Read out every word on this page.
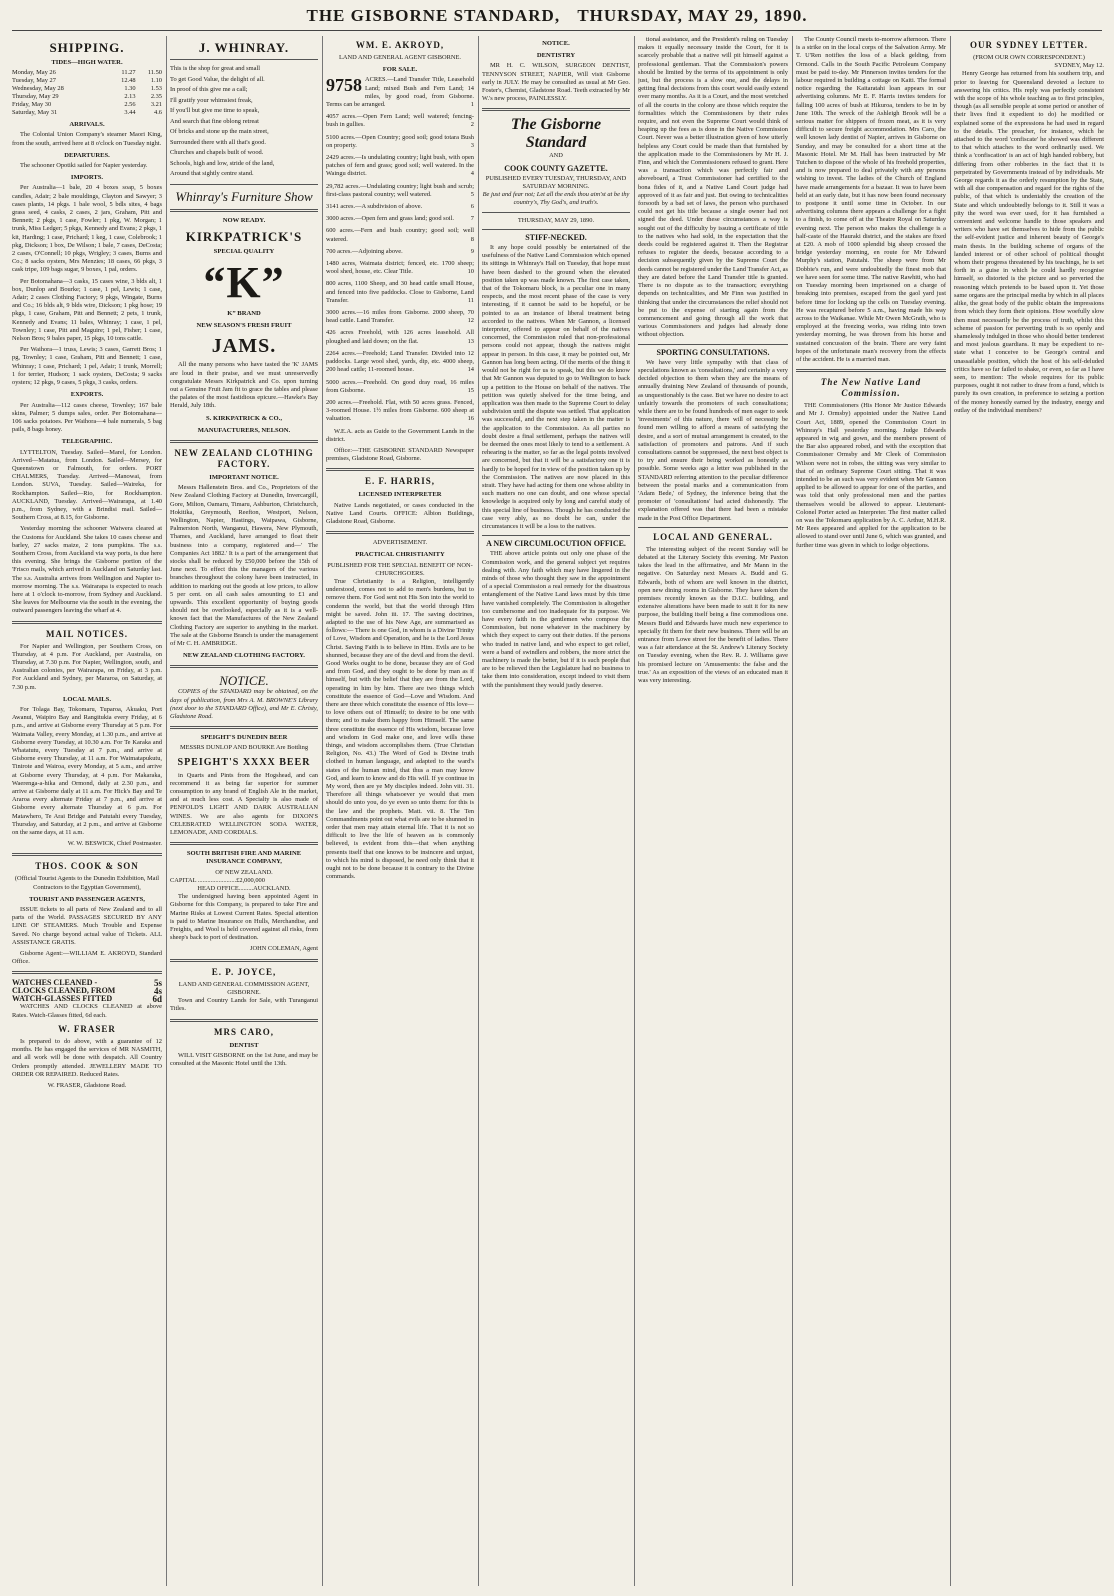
THE GISBORNE STANDARD, THURSDAY, MAY 29, 1890.
SHIPPING.
TIDES—HIGH WATER.
Monday, May 26	11.27	11.50
Tuesday, May 27	12.48	1.10
Wednesday, May 28	1.30	1.53
Thursday, May 29	2.13	2.35
Friday, May 30	2.56	3.21
Saturday, May 31	3.44	4.6
ARRIVALS.
The Colonial Union Company's steamer Maori King, from the south, arrived here at 8 o'clock on Tuesday night.
DEPARTURES.
The schooner Opotiki sailed for Napier yesterday.
IMPORTS.
Per Australia—1 bale, 20 4 boxes soap, 5 boxes candles, Adair; 2 bale mouldings, Clayton and Sawyer; 3 cases plants, 14 pkgs. 1 bale wool, 5 bdls sites, 4 bags grass seed, 4 casks, 2 cases, 2 jars, Graham, Pitt and Bennett; 2 pkgs, 1 case, Fowler; 1 pkg, W. Morgan; 1 trunk, Miss Ledger; 5 pkgs, Kennedy and Evans; 2 pkgs, 1 kit, Harding; 1 case, Prichard; 1 keg, 1 case, Colebrook; 1 pkg, Dickson; 1 box, De Wilson; 1 bale, 7 cases, DeCosta; 2 cases, O'Connell; 10 pkgs, Wrigley; 3 cases, Burns and Co.; 8 sacks oysters, Mrs Menzies; 18 cases, 66 pkgs, 3 cask tripe, 109 bags sugar, 9 boxes, 1 pal, orders.
Per Botomahana—3 casks, 15 cases wine, 3 blds alt, 1 box, Dunlop and Bourke; 1 case, 1 pel, Lewis; 1 case, Adair; 2 cases Clothing Factory; 9 pkgs, Wingate, Burns and Co.; 16 blds alt, 9 blds wire, Dickson; 1 pkg hose; 19 pkgs, 1 case, Graham, Pitt and Bennett; 2 pets, 1 trunk, Kennedy and Evans; 11 bales, Whinray; 1 case, 1 pel, Townley; 1 case, Pitt and Maguire; 1 pel, Fisher; 1 case, Nelson Bros; 9 bales paper, 15 pkgs, 10 tons cattle.
Per Waihora—1 truss, Lewis; 3 cases, Garrett Bros; 1 pg, Townley; 1 case, Graham, Pitt and Bennett; 1 case, Whinray; 1 case, Prichard; 1 pel, Adair; 1 trunk, Morrell; 1 for terrier, Hudson; 1 sack oysters, DeCosta; 9 sacks oysters; 12 pkgs, 9 cases, 5 pkgs, 3 casks, orders.
EXPORTS.
Per Australia—112 cases cheese, Townley; 167 bale skins, Palmer; 5 dumps sales, order. Per Botomahana—106 sacks potatoes. Per Waihora—4 bale numerals, 5 bag pails, 8 bags honey.
TELEGRAPHIC.
LYTTELTON, Tuesday. Sailed—Marel, for London. Arrived—Matatua, from London. Sailed—Mersey, for Queenstown or Falmouth, for orders. PORT CHALMERS, Tuesday. Arrived—Manowai, from London. SUVA, Tuesday. Sailed—Waireka, for Rockhampton. Sailed—Rio, for Rockhampton. AUCKLAND, Tuesday. Arrived—Wairarapa, at 1.40 p.m., from Sydney, with a Brindisi mail. Sailed—Southern Cross, at 8.15, for Gisborne.
Yesterday morning the schooner Waiwera cleared at the Customs for Auckland. She takes 10 cases cheese and barley, 27 sacks maize, 2 tons pumpkins. The s.s. Southern Cross, from Auckland via way ports, is due here this evening. She brings the Gisborne portion of the 'Frisco mails, which arrived in Auckland on Saturday last. The s.s. Australia arrives from Wellington and Napier to-morrow morning. The s.s. Wairarapa is expected to reach here at 1 o'clock to-morrow, from Sydney and Auckland. She leaves for Melbourne via the south in the evening, the outward passengers leaving the wharf at 4.
MAIL NOTICES.
For Napier and Wellington, per Southern Cross, on Thursday, at 4 p.m. For Auckland, per Australia, on Thursday, at 7.30 p.m. For Napier, Wellington, south, and Australian colonies, per Wairarapa, on Friday, at 3 p.m. For Auckland and Sydney, per Mararoa, on Saturday, at 7.30 p.m.
LOCAL MAILS.
For Tolaga Bay, Tokomaru, Tuparoa, Akuaku, Port Awanui, Waipiro Bay and Rangitukia every Friday, at 6 p.m., and arrive at Gisborne every Thursday at 5 p.m. For Waimata Valley, every Monday, at 1.30 p.m., and arrive at Gisborne every Tuesday, at 10.30 a.m. For Te Karaka and Whatatutu, every Tuesday at 7 p.m., and arrive at Gisborne every Thursday, at 11 a.m. For Waimatapukutu, Tinirote and Wairoa, every Monday, at 5 a.m., and arrive at Gisborne every Thursday, at 4 p.m. For Makaraka, Waerenga-a-hika and Ormond, daily at 2.30 p.m., and arrive at Gisborne daily at 11 a.m. For Hick's Bay and Te Araroa every alternate Friday at 7 p.m., and arrive at Gisborne every alternate Thursday at 6 p.m. For Matawhero, Te Arai Bridge and Patutahi every Tuesday, Thursday, and Saturday, at 2 p.m., and arrive at Gisborne on the same days, at 11 a.m.
W. W. BESWICK, Chief Postmaster.
THOS. COOK & SON
(Official Tourist Agents to the Dunedin Exhibition, Mail Contractors to the Egyptian Government),
TOURIST AND PASSENGER AGENTS,
ISSUE tickets to all parts of New Zealand and to all parts of the World. PASSAGES SECURED BY ANY LINE OF STEAMERS. Much Trouble and Expense Saved. No charge beyond actual value of Tickets. ALL ASSISTANCE GRATIS.
Gisborne Agent:—WILLIAM E. AKROYD, Standard Office.
WATCHES CLEANED -	5s
CLOCKS CLEANED, FROM	4s
WATCH-GLASSES FITTED	6d
WATCHES AND CLOCKS CLEANED at above Rates. Watch-Glasses fitted, 6d each.
W. FRASER
Is prepared to do above, with a guarantee of 12 months. He has engaged the services of MR NASMITH, and all work will be done with despatch. All Country Orders promptly attended. JEWELLERY MADE TO ORDER OR REPAIRED. Reduced Rates.
W. FRASER, Gladstone Road.
J. WHINRAY.
This is the shop for great and small
To get Good Value, the delight of all.
In proof of this give me a call;
I'll gratify your whimsiest freak,
If you'll but give me time to speak,
And search that fine oblong retreat
Of bricks and stone up the main street,
Surrounded there with all that's good.
Churches and chapels built of wood.
Schools, high and low, stride of the land,
Around that sightly centre stand.
Whinray's Furniture Show
NOW READY.
KIRKPATRICK'S
SPECIAL QUALITY
“K”
K” BRAND
NEW SEASON'S FRESH FRUIT
JAMS.
All the many persons who have tasted the 'K' JAMS are loud in their praise, and we must unreservedly congratulate Messrs Kirkpatrick and Co. upon turning out a Genuine Fruit Jam fit to grace the tables and please the palates of the most fastidious epicure.—Hawke's Bay Herald, July 18th.
S. KIRKPATRICK & CO.,
MANUFACTURERS, NELSON.
NEW ZEALAND CLOTHING FACTORY.
IMPORTANT NOTICE.
Messrs Hallenstein Bros. and Co., Proprietors of the New Zealand Clothing Factory at Dunedin, Invercargill, Gore, Milton, Oamaru, Timaru, Ashburton, Christchurch, Hokitika, Greymouth, Reefton, Westport, Nelson, Wellington, Napier, Hastings, Waipawa, Gisborne, Palmerston North, Wanganui, Hawera, New Plymouth, Thames, and Auckland, have arranged to float their business into a company, registered and—' The Companies Act 1882.' It is a part of the arrangement that stocks shall be reduced by £50,000 before the 15th of June next. To effect this the managers of the various branches throughout the colony have been instructed, in addition to marking out the goods at low prices, to allow 5 per cent. on all cash sales amounting to £1 and upwards. This excellent opportunity of buying goods should not be overlooked, especially as it is a well-known fact that the Manufactures of the New Zealand Clothing Factory are superior to anything in the market. The sale at the Gisborne Branch is under the management of Mr C. H. AMBRIDGE.
NEW ZEALAND CLOTHING FACTORY.
NOTICE.
COPIES of the STANDARD may be obtained, on the days of publication, from Mrs A. M. BROWNE'S Library (next door to the STANDARD Office), and Mr E. Christy, Gladstone Road.
SPEIGHT'S DUNEDIN BEER
MESSRS DUNLOP AND BOURKE Are Bottling
SPEIGHT'S XXXX BEER
in Quarts and Pints from the Hogshead, and can recommend it as being far superior for summer consumption to any brand of English Ale in the market, and at much less cost. A Specialty is also made of PENFOLD'S LIGHT AND DARK AUSTRALIAN WINES. We are also agents for DIXON'S CELEBRATED WELLINGTON SODA WATER, LEMONADE, AND CORDIALS.
SOUTH BRITISH FIRE AND MARINE INSURANCE COMPANY,
OF NEW ZEALAND.
CAPITAL ........................£2,000,000
HEAD OFFICE.........AUCKLAND.
The undersigned having been appointed Agent in Gisborne for this Company, is prepared to take Fire and Marine Risks at Lowest Current Rates. Special attention is paid to Marine Insurance on Hulls, Merchandise, and Freights, and Wool is held covered against all risks, from sheep's back to port of destination.
JOHN COLEMAN, Agent
E. P. JOYCE,
LAND AND GENERAL COMMISSION AGENT, GISBORNE.
Town and Country Lands for Sale, with Turanganui Titles.
MRS CARO,
DENTIST
WILL VISIT GISBORNE on the 1st June, and may be consulted at the Masonic Hotel until the 13th.
WM. E. AKROYD,
LAND AND GENERAL AGENT GISBORNE.
FOR SALE.
9758 ACRES.—Land Transfer Title, Leasehold Land; mixed Bush and Fern Land; 14 miles, by good road, from Gisborne. Terms can be arranged.	1
4057 acres.—Open Fern Land; well watered; fencing-bush in gullies.	2
5100 acres.—Open Country; good soil; good totara Bush on property.	3
2429 acres.—Is undulating country; light bush, with open patches of fern and grass; good soil; well watered. In the Waingu district.	4
29,782 acres.—Undulating country; light bush and scrub; first-class pastoral country; well watered.	5
3141 acres.—A subdivision of above.	6
3000 acres.—Open fern and grass land; good soil.	7
600 acres.—Fern and bush country; good soil; well watered.	8
700 acres.—Adjoining above.	9
1480 acres, Waimata district; fenced, etc. 1700 sheep; wool shed, house, etc. Clear Title.	10
800 acres, 1100 Sheep, and 30 head cattle small House, and fenced into five paddocks. Close to Gisborne, Land Transfer.	11
3000 acres.—16 miles from Gisborne. 2000 sheep, 70 head cattle. Land Transfer.	12
426 acres Freehold, with 126 acres leasehold. All ploughed and laid down; on the flat.	13
2264 acres.—Freehold; Land Transfer. Divided into 12 paddocks. Large wool shed, yards, dip, etc. 4000 sheep, 200 head cattle; 11-roomed house.	14
5000 acres.—Freehold. On good dray road, 16 miles from Gisborne.	15
200 acres.—Freehold. Flat, with 50 acres grass. Fenced, 3-roomed House. 1½ miles from Gisborne. 600 sheep at valuation.	16
W.E.A. acts as Guide to the Government Lands in the district.
Office:—THE GISBORNE STANDARD Newspaper premises, Gladstone Road, Gisborne.
E. F. HARRIS,
LICENSED INTERPRETER
Native Lands negotiated, or cases conducted in the Native Land Courts. OFFICE: Albion Buildings, Gladstone Road, Gisborne.
ADVERTISEMENT.
PRACTICAL CHRISTIANITY
PUBLISHED FOR THE SPECIAL BENEFIT OF NON-CHURCHGOERS.
True Christianity is a Religion, intelligently understood, comes not to add to men's burdens, but to remove them. For God sent not His Son into the world to condemn the world, but that the world through Him might be saved. John iii. 17. The saving doctrines, adapted to the use of his New Age, are summarised as follows:— There is one God, in whom is a Divine Trinity of Love, Wisdom and Operation, and he is the Lord Jesus Christ. Saving Faith is to believe in Him. Evils are to be shunned, because they are of the devil and from the devil. Good Works ought to be done, because they are of God and from God, and they ought to be done by man as if himself, but with the belief that they are from the Lord, operating in him by him. There are two things which constitute the essence of God—Love and Wisdom. And there are three which constitute the essence of His love—to love others out of Himself; to desire to be one with them; and to make them happy from Himself. The same three constitute the essence of His wisdom, because love and wisdom in God make one, and love wills these things, and wisdom accomplishes them. (True Christian Religion, No. 43.) The Word of God is Divine truth clothed in human language, and adapted to the ward's states of the human mind, that thus a man may know God, and learn to know and do His will. If ye continue in My word, then are ye My disciples indeed. John viii. 31. Therefore all things whatsoever ye would that men should do unto you, do ye even so unto them: for this is the law and the prophets. Matt. vii. 8. The Ten Commandments point out what evils are to be shunned in order that men may attain eternal life. That it is not so difficult to live the life of heaven as is commonly believed, is evident from this—that when anything presents itself that one knows to be insincere and unjust, to which his mind is disposed, he need only think that it ought not to be done because it is contrary to the Divine commands.
NOTICE.
DENTISTRY
MR H. C. WILSON, SURGEON DENTIST, TENNYSON STREET, NAPIER, Will visit Gisborne early in JULY. He may be consulted as usual at Mr Geo. Foster's, Chemist, Gladstone Road. Teeth extracted by Mr W.'s new process, PAINLESSLY.
The Gisborne Standard
AND
COOK COUNTY GAZETTE.
PUBLISHED EVERY TUESDAY, THURSDAY, AND SATURDAY MORNING.
Be just and fear not; Let all the ends thou aim'st at be thy country's, Thy God's, and truth's.
THURSDAY, MAY 29, 1890.
STIFF-NECKED.
It any hope could possibly be entertained of the usefulness of the Native Land Commission which opened its sittings in Whinray's Hall on Tuesday, that hope must have been dashed to the ground when the elevated position taken up was made known. The first case taken, that of the Tokomaru block, is a peculiar one in many respects, and the most recent phase of the case is very interesting, if it cannot be said to be hopeful, or be pointed to as an instance of liberal treatment being accorded to the natives. When Mr Gannon, a licensed interpreter, offered to appear on behalf of the natives concerned, the Commission ruled that non-professional persons could not appear, though the natives might appear in person. In this case, it may be pointed out, Mr Gannon has long been acting. Of the merits of the thing it would not be right for us to speak, but this we do know that Mr Gannon was deputed to go to Wellington to back up a petition to the House on behalf of the natives. The petition was quietly shelved for the time being, and application was then made to the Supreme Court to delay subdivision until the dispute was settled. That application was successful, and the next step taken in the matter is the application to the Commission. As all parties no doubt desire a final settlement, perhaps the natives will be deemed the ones most likely to tend to a settlement. A rehearing is the matter, so far as the legal points involved are concerned, but that it will be a satisfactory one it is hardly to be hoped for in view of the position taken up by the Commission. The natives are now placed in this strait. They have had acting for them one whose ability in such matters no one can doubt, and one whose special knowledge is acquired only by long and careful study of this special line of business. Though he has conducted the case very ably, as no doubt he can, under the circumstances it will be a loss to the natives.
A NEW CIRCUMLOCUTION OFFICE.
THE above article points out only one phase of the Commission work, and the general subject yet requires dealing with. Any faith which may have lingered in the minds of those who thought they saw in the appointment of a special Commission a real remedy for the disastrous entanglement of the Native Land laws must by this time have vanished completely. The Commission is altogether too cumbersome and too inadequate for its purpose. We have every faith in the gentlemen who compose the Commission, but none whatever in the machinery by which they expect to carry out their duties. If the persons who traded in native land, and who expect to get relief, were a band of swindlers and robbers, the more strict the machinery is made the better, but if it is such people that are to be relieved then the Legislature had no business to take them into consideration, except indeed to visit them with the punishment they would justly deserve.
tional assistance, and the President's ruling on Tuesday makes it equally necessary inside the Court, for it is scarcely probable that a native will pit himself against a professional gentleman. That the Commission's powers should be limited by the terms of its appointment is only just, but the process is a slow one, and the delays in getting final decisions from this court would easily extend over many months. As it is a Court, and the most wretched of all the courts in the colony are those which require the formalities which the Commissioners by their rules require, and not even the Supreme Court would think of heaping up the fees as is done in the Native Commission Court. Never was a better illustration given of how utterly helpless any Court could be made than that furnished by the application made to the Commissioners by Mr H. J. Finn, and which the Commissioners refused to grant. Here was a transaction which was perfectly fair and aboveboard, a Trust Commissioner had certified to the bona fides of it, and a Native Land Court judge had approved of it as fair and just. But owing to technicalities forsooth by a bad set of laws, the person who purchased could not get his title because a single owner had not signed the deed. Under these circumstances a way is sought out of the difficulty by issuing a certificate of title to the natives who had sold, in the expectation that the deeds could be registered against it. Then the Registrar refuses to register the deeds, because according to a decision subsequently given by the Supreme Court the deeds cannot be registered under the Land Transfer Act, as they are dated before the Land Transfer title is granted. There is no dispute as to the transaction; everything depends on technicalities, and Mr Finn was justified in thinking that under the circumstances the relief should not be put to the expense of starting again from the commencement and going through all the work that various Commissioners and judges had already done without objection.
SPORTING CONSULTATIONS.
We have very little sympathy with that class of speculations known as 'consultations,' and certainly a very decided objection to them when they are the means of annually draining New Zealand of thousands of pounds, as unquestionably is the case. But we have no desire to act unfairly towards the promoters of such consultations; while there are to be found hundreds of men eager to seek 'investments' of this nature, there will of necessity be found men willing to afford a means of satisfying the desire, and a sort of mutual arrangement is created, to the satisfaction of promoters and patrons. And if such consultations cannot be suppressed, the next best object is to try and ensure their being worked as honestly as possible. Some weeks ago a letter was published in the STANDARD referring attention to the peculiar difference between the postal marks and a communication from 'Adam Bede,' of Sydney, the inference being that the promoter of 'consultations' had acted dishonestly. The explanation offered was that there had been a mistake made in the Post Office Department.
LOCAL AND GENERAL.
The interesting subject of the recent Sunday will be debated at the Literary Society this evening. Mr Paxton takes the lead in the affirmative, and Mr Mann in the negative. On Saturday next Messrs A. Budd and G. Edwards, both of whom are well known in the district, open new dining rooms in Gisborne. They have taken the premises recently known as the D.I.C. building, and extensive alterations have been made to suit it for its new purpose, the building itself being a fine commodious one. Messrs Budd and Edwards have much new experience to specially fit them for their new business. There will be an entrance from Lowe street for the benefit of ladies. There was a fair attendance at the St. Andrew's Literary Society on Tuesday evening, when the Rev. R. J. Williams gave his promised lecture on 'Amusements: the false and the true.' As an exposition of the views of an educated man it was very interesting.
The County Council meets to-morrow afternoon. There is a strike on in the local corps of the Salvation Army. Mr T. U'Ren notifies the loss of a black gelding, from Ormond. Calls in the South Pacific Petroleum Company must be paid to-day. Mr Pinnerson invites tenders for the labour required in building a cottage on Kaiti. The formal notice regarding the Kaitaratahi loan appears in our advertising columns. Mr E. F. Harris invites tenders for falling 100 acres of bush at Hikuroa, tenders to be in by June 10th. The wreck of the Ashleigh Brook will be a serious matter for shippers of frozen meat, as it is very difficult to secure freight accommodation. Mrs Caro, the well known lady dentist of Napier, arrives in Gisborne on Sunday, and may be consulted for a short time at the Masonic Hotel. Mr M. Hall has been instructed by Mr Tutchen to dispose of the whole of his freehold properties, and is now prepared to deal privately with any persons wishing to invest. The ladies of the Church of England have made arrangements for a bazaar. It was to have been held at an early date, but it has now been found necessary to postpone it until some time in October. In our advertising columns there appears a challenge for a fight to a finish, to come off at the Theatre Royal on Saturday evening next. The person who makes the challenge is a half-caste of the Hauraki district, and the stakes are fixed at £20. A mob of 1000 splendid big sheep crossed the bridge yesterday morning, en route for Mr Edward Murphy's station, Patutahi. The sheep were from Mr Dobbie's run, and were undoubtedly the finest mob that we have seen for some time. The native Rawhiti, who had on Tuesday morning been imprisoned on a charge of breaking into premises, escaped from the gaol yard just before time for locking up the cells on Tuesday evening. He was recaptured before 5 a.m., having made his way across to the Waikanae. While Mr Owen McGrath, who is employed at the freezing works, was riding into town yesterday morning, he was thrown from his horse and sustained concussion of the brain. There are very faint hopes of the unfortunate man's recovery from the effects of the accident. He is a married man.
The New Native Land Commission.
THE Commissioners (His Honor Mr Justice Edwards and Mr J. Ormsby) appointed under the Native Land Court Act, 1889, opened the Commission Court in Whinray's Hall yesterday morning. Judge Edwards appeared in wig and gown, and the members present of the Bar also appeared robed, and with the exception that Commissioner Ormsby and Mr Cleek of Commission Wilson were not in robes, the sitting was very similar to that of an ordinary Supreme Court sitting. That it was intended to be an such was very evident when Mr Gannon applied to be allowed to appear for one of the parties, and was told that only professional men and the parties themselves would be allowed to appear. Lieutenant-Colonel Porter acted as Interpreter. The first matter called on was the Tokomaru application by A. C. Arthur, M.H.R. Mr Rees appeared and applied for the application to be allowed to stand over until June 6, which was granted, and further time was given in which to lodge objections.
OUR SYDNEY LETTER.
(FROM OUR OWN CORRESPONDENT.)
SYDNEY, May 12.
Henry George has returned from his southern trip, and prior to leaving for Queensland devoted a lecture to answering his critics. His reply was perfectly consistent with the scope of his whole teaching as to first principles, though (as all sensible people at some period or another of their lives find it expedient to do) he modified or explained some of the expressions he had used in regard to the details. The preacher, for instance, which he attached to the word 'confiscate' he showed was different to that which attaches to the word ordinarily used. We think a 'confiscation' is an act of high handed robbery, but differing from other robberies in the fact that it is perpetrated by Governments instead of by individuals. Mr George regards it as the orderly resumption by the State, with all due compensation and regard for the rights of the public, of that which is undeniably the creation of the State and which undoubtedly belongs to it. Still it was a pity the word was ever used, for it has furnished a convenient and welcome handle to those speakers and writers who have set themselves to hide from the public the self-evident justice and inherent beauty of George's main thesis. In the building scheme of organs of the landed interest or of other school of political thought whom their progress threatened by his teachings, he is set forth in a guise in which he could hardly recognise himself, so distorted is the picture and so perverted the reasoning which pretends to be based upon it. Yet those same organs are the principal media by which in all places alike, the great body of the public obtain the impressions from which they form their opinions. How woefully slow then must necessarily be the process of truth, whilst this scheme of passion for perverting truth is so openly and shamelessly indulged in those who should better tenderest and most jealous guardians. It may be expedient to re-state what I conceive to be George's central and unassailable position, which the host of his self-deluded critics have so far failed to shake, or even, so far as I have seen, to mention: The whole requires for its public purposes, ought it not rather to draw from a fund, which is purely its own creation, in preference to seizing a portion of the money honestly earned by the industry, energy and outlay of the individual members?
